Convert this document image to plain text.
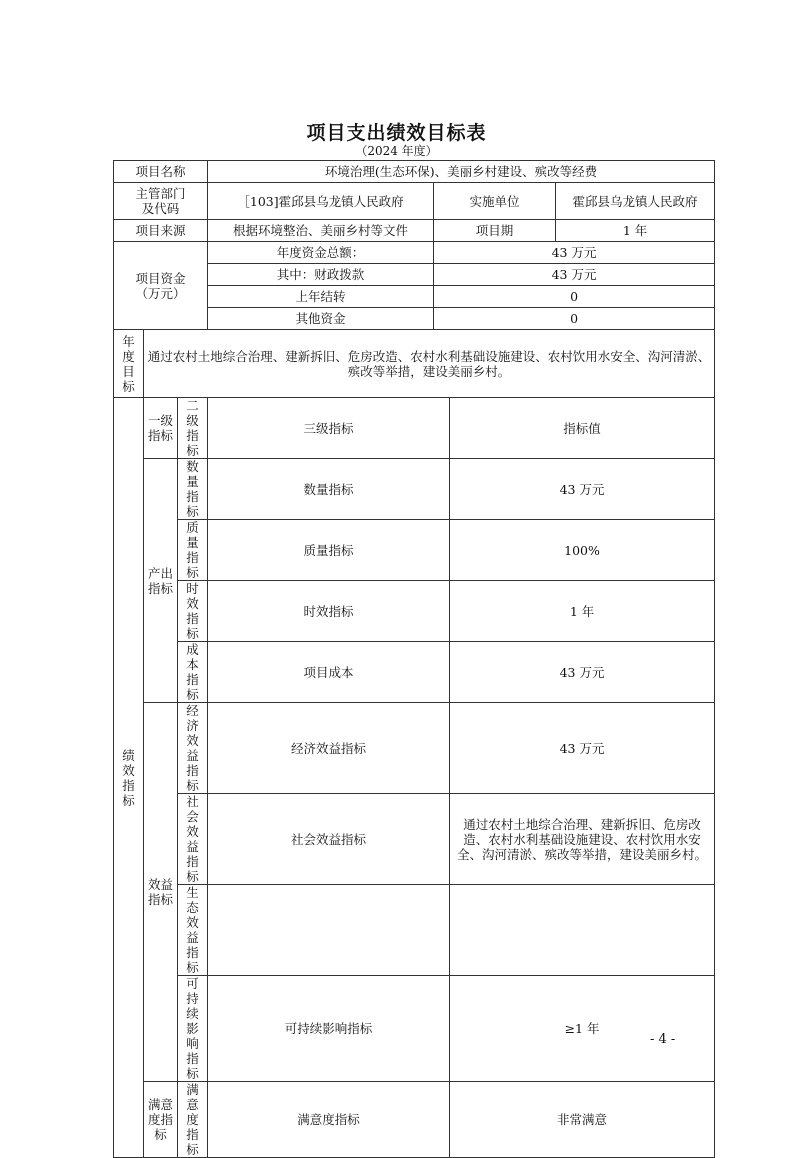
项目支出绩效目标表
（2024 年度）
项目名称			环境治理(生态环保)、美丽乡村建设、殡改等经费			

主管部门
及代码			［103]霍邱县乌龙镇人民政府	实施单位		霍邱县乌龙镇人民政府
项目来源			根据环境整治、美丽乡村等文件	项目期		1 年

项目资金
（万元）			年度资金总额：	43 万元		
			其中：财政拨款	43 万元		
			上年结转	0		
			其他资金	0		
年度目标	通过农村土地综合治理、建新拆旧、危房改造、农村水利基础设施建设、农村饮用水安全、沟河清淤、殡改等举措，建设美丽乡村。					
绩效指标	一级指标	二级指标	三级指标		指标值	
	产出指标	数量指标	数量指标		43 万元	
		质量指标	质量指标		100%	
		时效指标	时效指标		1 年	
		成本指标	项目成本		43 万元	
	效益指标	经济效益指标	经济效益指标		43 万元	
		社会效益指标	社会效益指标		通过农村土地综合治理、建新拆旧、危房改造、农村水利基础设施建设、农村饮用水安全、沟河清淤、殡改等举措，建设美丽乡村。	
		生态效益指标				
		可持续影响指标	可持续影响指标		≥1 年	
	满意度指标	满意度指标	满意度指标		非常满意	
- 4 -
